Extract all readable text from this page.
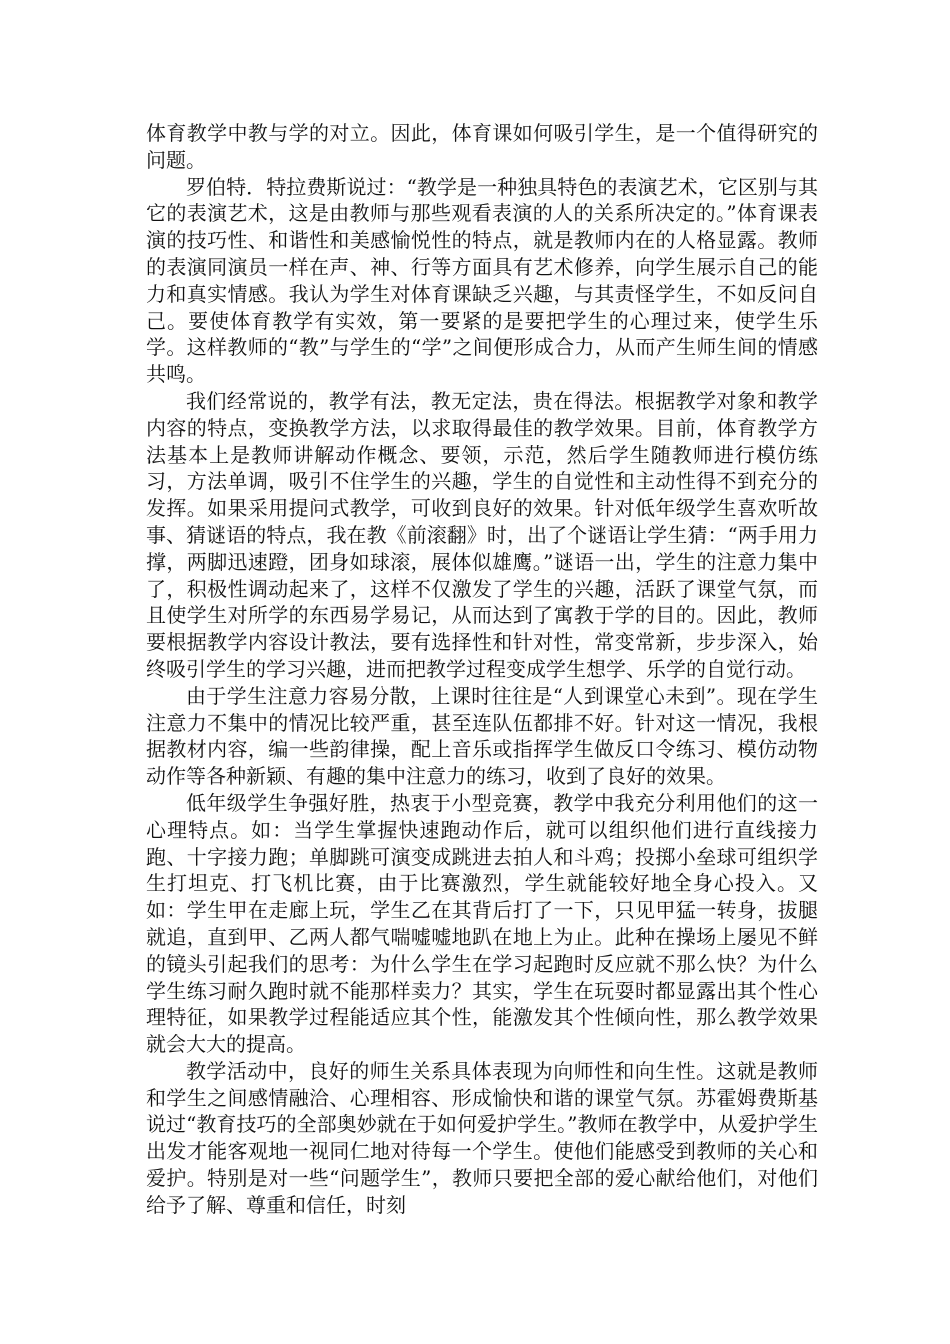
体育教学中教与学的对立。因此，体育课如何吸引学生，是一个值得研究的问题。

罗伯特．特拉费斯说过：“教学是一种独具特色的表演艺术，它区别与其它的表演艺术，这是由教师与那些观看表演的人的关系所决定的。”体育课表演的技巧性、和谐性和美感愉悦性的特点，就是教师内在的人格显露。教师的表演同演员一样在声、神、行等方面具有艺术修养，向学生展示自己的能力和真实情感。我认为学生对体育课缺乏兴趣，与其责怪学生，不如反问自己。要使体育教学有实效，第一要紧的是要把学生的心理过来，使学生乐学。这样教师的“教”与学生的“学”之间便形成合力，从而产生师生间的情感共鸣。

我们经常说的，教学有法，教无定法，贵在得法。根据教学对象和教学内容的特点，变换教学方法，以求取得最佳的教学效果。目前，体育教学方法基本上是教师讲解动作概念、要领，示范，然后学生随教师进行模仿练习，方法单调，吸引不住学生的兴趣，学生的自觉性和主动性得不到充分的发挥。如果采用提问式教学，可收到良好的效果。针对低年级学生喜欢听故事、猜谜语的特点，我在教《前滚翻》时，出了个谜语让学生猜：“两手用力撑，两脚迅速蹬，团身如球滚，展体似雄鹰。”谜语一出，学生的注意力集中了，积极性调动起来了，这样不仅激发了学生的兴趣，活跃了课堂气氛，而且使学生对所学的东西易学易记，从而达到了寓教于学的目的。因此，教师要根据教学内容设计教法，要有选择性和针对性，常变常新，步步深入，始终吸引学生的学习兴趣，进而把教学过程变成学生想学、乐学的自觉行动。

由于学生注意力容易分散，上课时往往是“人到课堂心未到”。现在学生注意力不集中的情况比较严重，甚至连队伍都排不好。针对这一情况，我根据教材内容，编一些韵律操，配上音乐或指挥学生做反口令练习、模仿动物动作等各种新颖、有趣的集中注意力的练习，收到了良好的效果。

低年级学生争强好胜，热衷于小型竞赛，教学中我充分利用他们的这一心理特点。如：当学生掌握快速跑动作后，就可以组织他们进行直线接力跑、十字接力跑；单脚跳可演变成跳进去拍人和斗鸡；投掷小垒球可组织学生打坦克、打飞机比赛，由于比赛激烈，学生就能较好地全身心投入。又如：学生甲在走廊上玩，学生乙在其背后打了一下，只见甲猛一转身，拔腿就追，直到甲、乙两人都气喘嘘嘘地趴在地上为止。此种在操场上屡见不鲜的镜头引起我们的思考：为什么学生在学习起跑时反应就不那么快？为什么学生练习耐久跑时就不能那样卖力？其实，学生在玩耍时都显露出其个性心理特征，如果教学过程能适应其个性，能激发其个性倾向性，那么教学效果就会大大的提高。

教学活动中，良好的师生关系具体表现为向师性和向生性。这就是教师和学生之间感情融洽、心理相容、形成愉快和谐的课堂气氛。苏霍姆费斯基说过“教育技巧的全部奥妙就在于如何爱护学生。”教师在教学中，从爱护学生出发才能客观地一视同仁地对待每一个学生。使他们能感受到教师的关心和爱护。特别是对一些“问题学生”，教师只要把全部的爱心献给他们，对他们给予了解、尊重和信任，时刻
